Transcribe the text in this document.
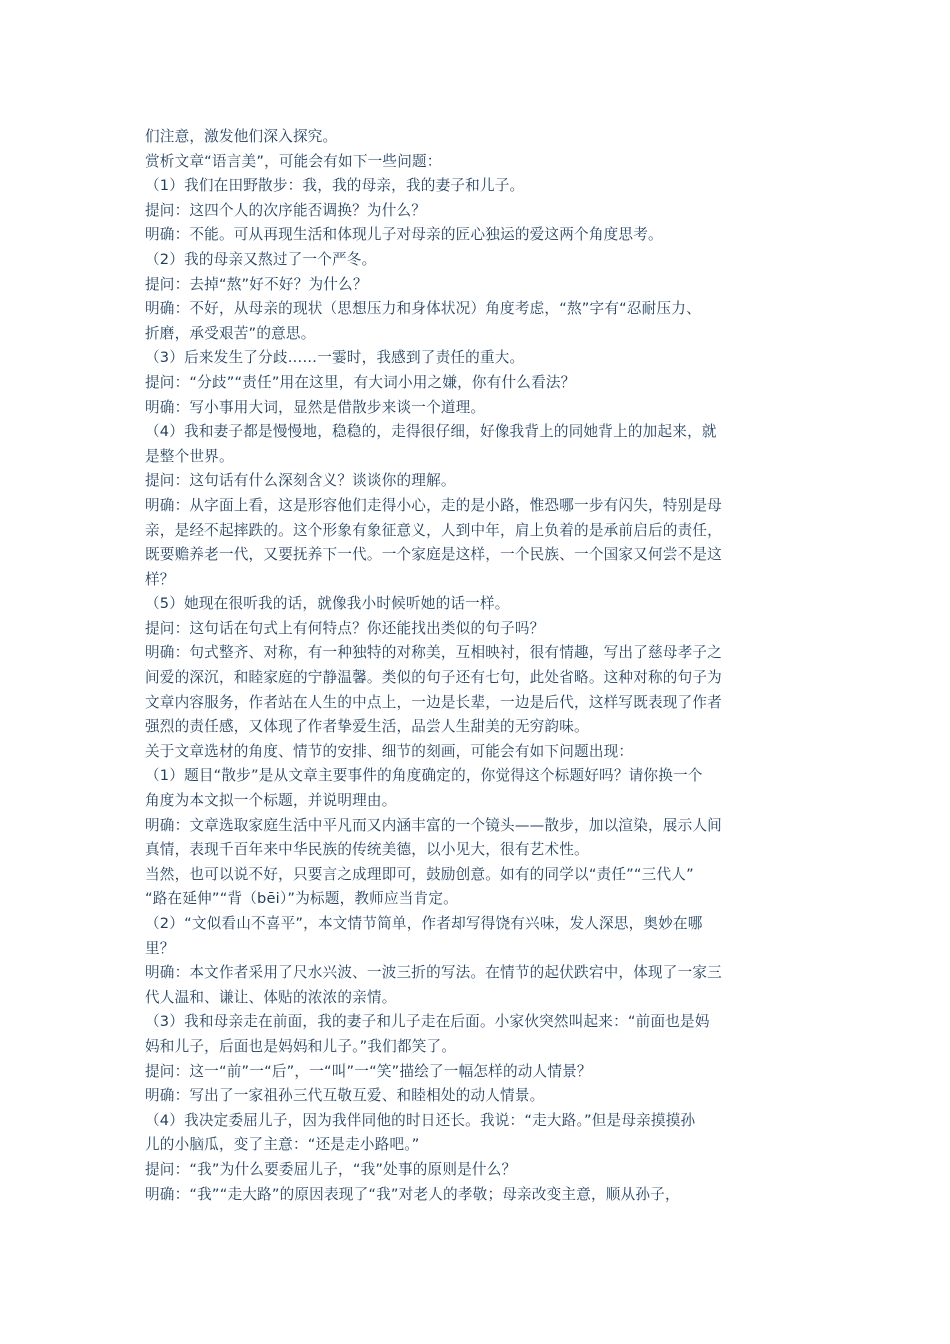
们注意，激发他们深入探究。
赏析文章“语言美”，可能会有如下一些问题：
（1）我们在田野散步：我，我的母亲，我的妻子和儿子。
提问：这四个人的次序能否调换？为什么？
明确：不能。可从再现生活和体现儿子对母亲的匠心独运的爱这两个角度思考。
（2）我的母亲又熬过了一个严冬。
提问：去掉“熬”好不好？为什么？
明确：不好，从母亲的现状（思想压力和身体状况）角度考虑，“熬”字有“忍耐压力、
折磨，承受艰苦”的意思。
（3）后来发生了分歧……一霎时，我感到了责任的重大。
提问：“分歧”“责任”用在这里，有大词小用之嫌，你有什么看法？
明确：写小事用大词，显然是借散步来谈一个道理。
（4）我和妻子都是慢慢地，稳稳的，走得很仔细，好像我背上的同她背上的加起来，就
是整个世界。
提问：这句话有什么深刻含义？谈谈你的理解。
明确：从字面上看，这是形容他们走得小心，走的是小路，惟恐哪一步有闪失，特别是母
亲，是经不起摔跌的。这个形象有象征意义，人到中年，肩上负着的是承前启后的责任，
既要赡养老一代，又要抚养下一代。一个家庭是这样，一个民族、一个国家又何尝不是这
样？
（5）她现在很听我的话，就像我小时候听她的话一样。
提问：这句话在句式上有何特点？你还能找出类似的句子吗？
明确：句式整齐、对称，有一种独特的对称美，互相映衬，很有情趣，写出了慈母孝子之
间爱的深沉，和睦家庭的宁静温馨。类似的句子还有七句，此处省略。这种对称的句子为
文章内容服务，作者站在人生的中点上，一边是长辈，一边是后代，这样写既表现了作者
强烈的责任感，又体现了作者挚爱生活，品尝人生甜美的无穷韵味。
关于文章选材的角度、情节的安排、细节的刻画，可能会有如下问题出现：
（1）题目“散步”是从文章主要事件的角度确定的，你觉得这个标题好吗？请你换一个
角度为本文拟一个标题，并说明理由。
明确：文章选取家庭生活中平凡而又内涵丰富的一个镜头——散步，加以渲染，展示人间
真情，表现千百年来中华民族的传统美德，以小见大，很有艺术性。
当然，也可以说不好，只要言之成理即可，鼓励创意。如有的同学以“责任”“三代人”
“路在延伸”“背（bēi）”为标题，教师应当肯定。
（2）“文似看山不喜平”，本文情节简单，作者却写得饶有兴味，发人深思，奥妙在哪
里？
明确：本文作者采用了尺水兴波、一波三折的写法。在情节的起伏跌宕中，体现了一家三
代人温和、谦让、体贴的浓浓的亲情。
（3）我和母亲走在前面，我的妻子和儿子走在后面。小家伙突然叫起来：“前面也是妈
妈和儿子，后面也是妈妈和儿子。”我们都笑了。
提问：这一“前”一“后”，一“叫”一“笑”描绘了一幅怎样的动人情景？
明确：写出了一家祖孙三代互敬互爱、和睦相处的动人情景。
（4）我决定委屈儿子，因为我伴同他的时日还长。我说：“走大路。”但是母亲摸摸孙
儿的小脑瓜，变了主意：“还是走小路吧。”
提问：“我”为什么要委屈儿子，“我”处事的原则是什么？
明确：“我”“走大路”的原因表现了“我”对老人的孝敬；母亲改变主意，顺从孙子，
